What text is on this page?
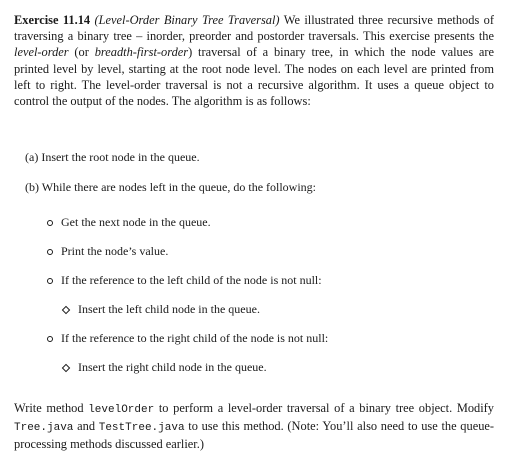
Exercise 11.14 (Level-Order Binary Tree Traversal) We illustrated three recursive methods of traversing a binary tree – inorder, preorder and postorder traversals. This exercise presents the level-order (or breadth-first-order) traversal of a binary tree, in which the node values are printed level by level, starting at the root node level. The nodes on each level are printed from left to right. The level-order traversal is not a recursive algorithm. It uses a queue object to control the output of the nodes. The algorithm is as follows:

(a) Insert the root node in the queue.

(b) While there are nodes left in the queue, do the following:

Get the next node in the queue.
Print the node’s value.
If the reference to the left child of the node is not null:
Insert the left child node in the queue.
If the reference to the right child of the node is not null:
Insert the right child node in the queue.

Write method levelOrder to perform a level-order traversal of a binary tree object. Modify Tree.java and TestTree.java to use this method. (Note: You’ll also need to use the queue-processing methods discussed earlier.)
